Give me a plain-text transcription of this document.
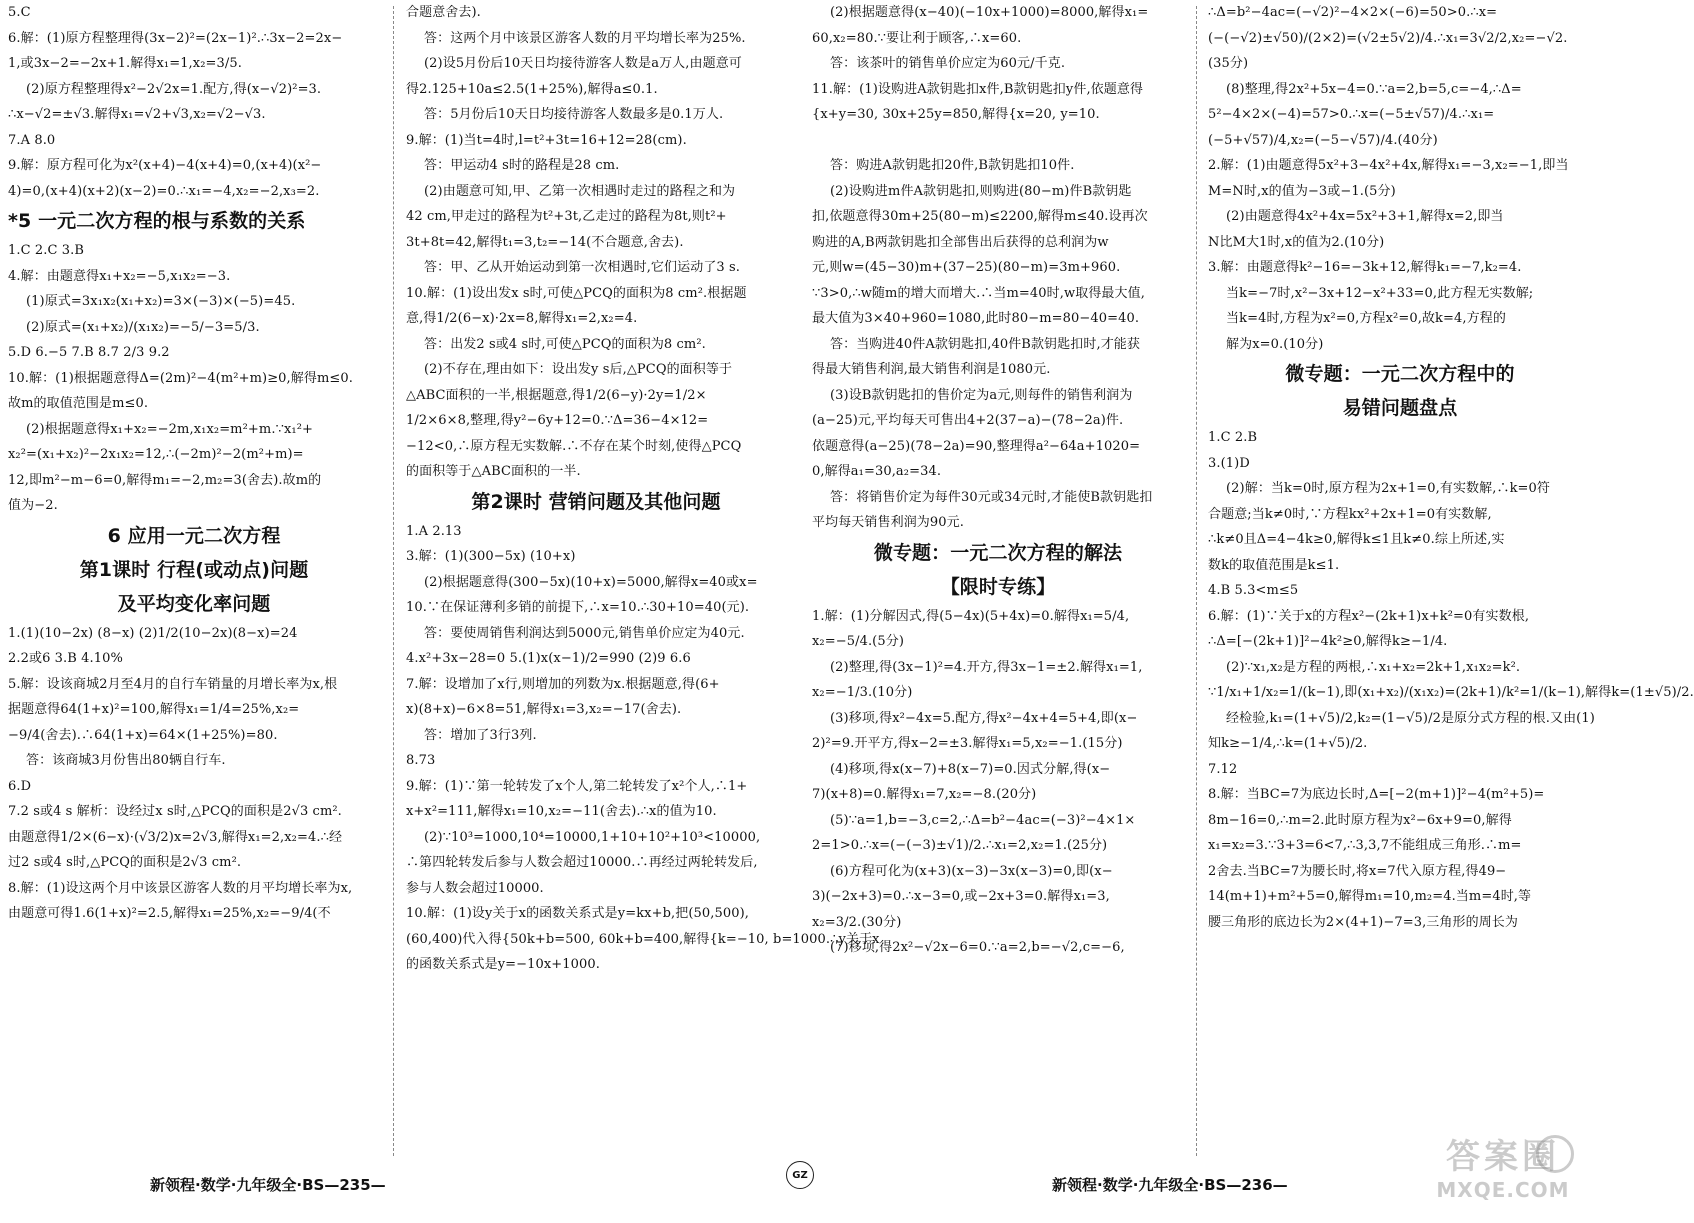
5.C
6.解：(1)原方程整理得(3x−2)²=(2x−1)².∴3x−2=2x−
1,或3x−2=−2x+1.解得x₁=1,x₂=3/5.
(2)原方程整理得x²−2√2x=1.配方,得(x−√2)²=3.
∴x−√2=±√3.解得x₁=√2+√3,x₂=√2−√3.
7.A 8.0
9.解：原方程可化为x²(x+4)−4(x+4)=0,(x+4)(x²−
4)=0,(x+4)(x+2)(x−2)=0.∴x₁=−4,x₂=−2,x₃=2.
*5 一元二次方程的根与系数的关系
1.C 2.C 3.B
4.解：由题意得x₁+x₂=−5,x₁x₂=−3.
(1)原式=3x₁x₂(x₁+x₂)=3×(−3)×(−5)=45.
(2)原式=(x₁+x₂)/(x₁x₂)=−5/−3=5/3.
5.D 6.−5 7.B 8.7 2/3 9.2
10.解：(1)根据题意得Δ=(2m)²−4(m²+m)≥0,解得m≤0.
故m的取值范围是m≤0.
(2)根据题意得x₁+x₂=−2m,x₁x₂=m²+m.∵x₁²+
x₂²=(x₁+x₂)²−2x₁x₂=12,∴(−2m)²−2(m²+m)=
12,即m²−m−6=0,解得m₁=−2,m₂=3(舍去).故m的
值为−2.
6 应用一元二次方程
第1课时 行程(或动点)问题
及平均变化率问题
1.(1)(10−2x) (8−x) (2)1/2(10−2x)(8−x)=24
2.2或6 3.B 4.10%
5.解：设该商城2月至4月的自行车销量的月增长率为x,根
据题意得64(1+x)²=100,解得x₁=1/4=25%,x₂=
−9/4(舍去).∴64(1+x)=64×(1+25%)=80.
答：该商城3月份售出80辆自行车.
6.D
7.2 s或4 s 解析：设经过x s时,△PCQ的面积是2√3 cm².
由题意得1/2×(6−x)·(√3/2)x=2√3,解得x₁=2,x₂=4.∴经
过2 s或4 s时,△PCQ的面积是2√3 cm².
8.解：(1)设这两个月中该景区游客人数的月平均增长率为x,
由题意可得1.6(1+x)²=2.5,解得x₁=25%,x₂=−9/4(不
合题意舍去).
答：这两个月中该景区游客人数的月平均增长率为25%.
(2)设5月份后10天日均接待游客人数是a万人,由题意可
得2.125+10a≤2.5(1+25%),解得a≤0.1.
答：5月份后10天日均接待游客人数最多是0.1万人.
9.解：(1)当t=4时,l=t²+3t=16+12=28(cm).
答：甲运动4 s时的路程是28 cm.
(2)由题意可知,甲、乙第一次相遇时走过的路程之和为
42 cm,甲走过的路程为t²+3t,乙走过的路程为8t,则t²+
3t+8t=42,解得t₁=3,t₂=−14(不合题意,舍去).
答：甲、乙从开始运动到第一次相遇时,它们运动了3 s.
10.解：(1)设出发x s时,可使△PCQ的面积为8 cm².根据题
意,得1/2(6−x)·2x=8,解得x₁=2,x₂=4.
答：出发2 s或4 s时,可使△PCQ的面积为8 cm².
(2)不存在,理由如下：设出发y s后,△PCQ的面积等于
△ABC面积的一半,根据题意,得1/2(6−y)·2y=1/2×
1/2×6×8,整理,得y²−6y+12=0.∵Δ=36−4×12=
−12<0,∴原方程无实数解.∴不存在某个时刻,使得△PCQ
的面积等于△ABC面积的一半.
第2课时 营销问题及其他问题
1.A 2.13
3.解：(1)(300−5x) (10+x)
(2)根据题意得(300−5x)(10+x)=5000,解得x=40或x=
10.∵在保证薄利多销的前提下,∴x=10.∴30+10=40(元).
答：要使周销售利润达到5000元,销售单价应定为40元.
4.x²+3x−28=0 5.(1)x(x−1)/2=990 (2)9 6.6
7.解：设增加了x行,则增加的列数为x.根据题意,得(6+
x)(8+x)−6×8=51,解得x₁=3,x₂=−17(舍去).
答：增加了3行3列.
8.73
9.解：(1)∵第一轮转发了x个人,第二轮转发了x²个人,∴1+
x+x²=111,解得x₁=10,x₂=−11(舍去).∴x的值为10.
(2)∵10³=1000,10⁴=10000,1+10+10²+10³<10000,
∴第四轮转发后参与人数会超过10000.∴再经过两轮转发后,
参与人数会超过10000.
10.解：(1)设y关于x的函数关系式是y=kx+b,把(50,500),
(60,400)代入得{50k+b=500, 60k+b=400,解得{k=−10, b=1000.∴y关于x
的函数关系式是y=−10x+1000.
新领程·数学·九年级全·BS—235—
(2)根据题意得(x−40)(−10x+1000)=8000,解得x₁=
60,x₂=80.∵要让利于顾客,∴x=60.
答：该茶叶的销售单价应定为60元/千克.
11.解：(1)设购进A款钥匙扣x件,B款钥匙扣y件,依题意得
{x+y=30, 30x+25y=850,解得{x=20, y=10.

答：购进A款钥匙扣20件,B款钥匙扣10件.
(2)设购进m件A款钥匙扣,则购进(80−m)件B款钥匙
扣,依题意得30m+25(80−m)≤2200,解得m≤40.设再次
购进的A,B两款钥匙扣全部售出后获得的总利润为w
元,则w=(45−30)m+(37−25)(80−m)=3m+960.
∵3>0,∴w随m的增大而增大.∴当m=40时,w取得最大值,
最大值为3×40+960=1080,此时80−m=80−40=40.
答：当购进40件A款钥匙扣,40件B款钥匙扣时,才能获
得最大销售利润,最大销售利润是1080元.
(3)设B款钥匙扣的售价定为a元,则每件的销售利润为
(a−25)元,平均每天可售出4+2(37−a)−(78−2a)件.
依题意得(a−25)(78−2a)=90,整理得a²−64a+1020=
0,解得a₁=30,a₂=34.
答：将销售价定为每件30元或34元时,才能使B款钥匙扣
平均每天销售利润为90元.
微专题：一元二次方程的解法
【限时专练】
1.解：(1)分解因式,得(5−4x)(5+4x)=0.解得x₁=5/4,
x₂=−5/4.(5分)
(2)整理,得(3x−1)²=4.开方,得3x−1=±2.解得x₁=1,
x₂=−1/3.(10分)
(3)移项,得x²−4x=5.配方,得x²−4x+4=5+4,即(x−
2)²=9.开平方,得x−2=±3.解得x₁=5,x₂=−1.(15分)
(4)移项,得x(x−7)+8(x−7)=0.因式分解,得(x−
7)(x+8)=0.解得x₁=7,x₂=−8.(20分)
(5)∵a=1,b=−3,c=2,∴Δ=b²−4ac=(−3)²−4×1×
2=1>0.∴x=(−(−3)±√1)/2.∴x₁=2,x₂=1.(25分)
(6)方程可化为(x+3)(x−3)−3x(x−3)=0,即(x−
3)(−2x+3)=0.∴x−3=0,或−2x+3=0.解得x₁=3,
x₂=3/2.(30分)
(7)移项,得2x²−√2x−6=0.∵a=2,b=−√2,c=−6,
∴Δ=b²−4ac=(−√2)²−4×2×(−6)=50>0.∴x=
(−(−√2)±√50)/(2×2)=(√2±5√2)/4.∴x₁=3√2/2,x₂=−√2.
(35分)
(8)整理,得2x²+5x−4=0.∵a=2,b=5,c=−4,∴Δ=
5²−4×2×(−4)=57>0.∴x=(−5±√57)/4.∴x₁=
(−5+√57)/4,x₂=(−5−√57)/4.(40分)
2.解：(1)由题意得5x²+3−4x²+4x,解得x₁=−3,x₂=−1,即当
M=N时,x的值为−3或−1.(5分)
(2)由题意得4x²+4x=5x²+3+1,解得x=2,即当
N比M大1时,x的值为2.(10分)
3.解：由题意得k²−16=−3k+12,解得k₁=−7,k₂=4.
当k=−7时,x²−3x+12−x²+33=0,此方程无实数解;
当k=4时,方程为x²=0,方程x²=0,故k=4,方程的
解为x=0.(10分)
微专题：一元二次方程中的
易错问题盘点
1.C 2.B
3.(1)D
(2)解：当k=0时,原方程为2x+1=0,有实数解,∴k=0符
合题意;当k≠0时,∵方程kx²+2x+1=0有实数解,
∴k≠0且Δ=4−4k≥0,解得k≤1且k≠0.综上所述,实
数k的取值范围是k≤1.
4.B 5.3<m≤5
6.解：(1)∵关于x的方程x²−(2k+1)x+k²=0有实数根,
∴Δ=[−(2k+1)]²−4k²≥0,解得k≥−1/4.
(2)∵x₁,x₂是方程的两根,∴x₁+x₂=2k+1,x₁x₂=k².
∵1/x₁+1/x₂=1/(k−1),即(x₁+x₂)/(x₁x₂)=(2k+1)/k²=1/(k−1),解得k=(1±√5)/2.
经检验,k₁=(1+√5)/2,k₂=(1−√5)/2是原分式方程的根.又由(1)
知k≥−1/4,∴k=(1+√5)/2.
7.12
8.解：当BC=7为底边长时,Δ=[−2(m+1)]²−4(m²+5)=
8m−16=0,∴m=2.此时原方程为x²−6x+9=0,解得
x₁=x₂=3.∵3+3=6<7,∴3,3,7不能组成三角形.∴m=
2舍去.当BC=7为腰长时,将x=7代入原方程,得49−
14(m+1)+m²+5=0,解得m₁=10,m₂=4.当m=4时,等
腰三角形的底边长为2×(4+1)−7=3,三角形的周长为
新领程·数学·九年级全·BS—236—
GZ	答案圈
MXQE.COM
